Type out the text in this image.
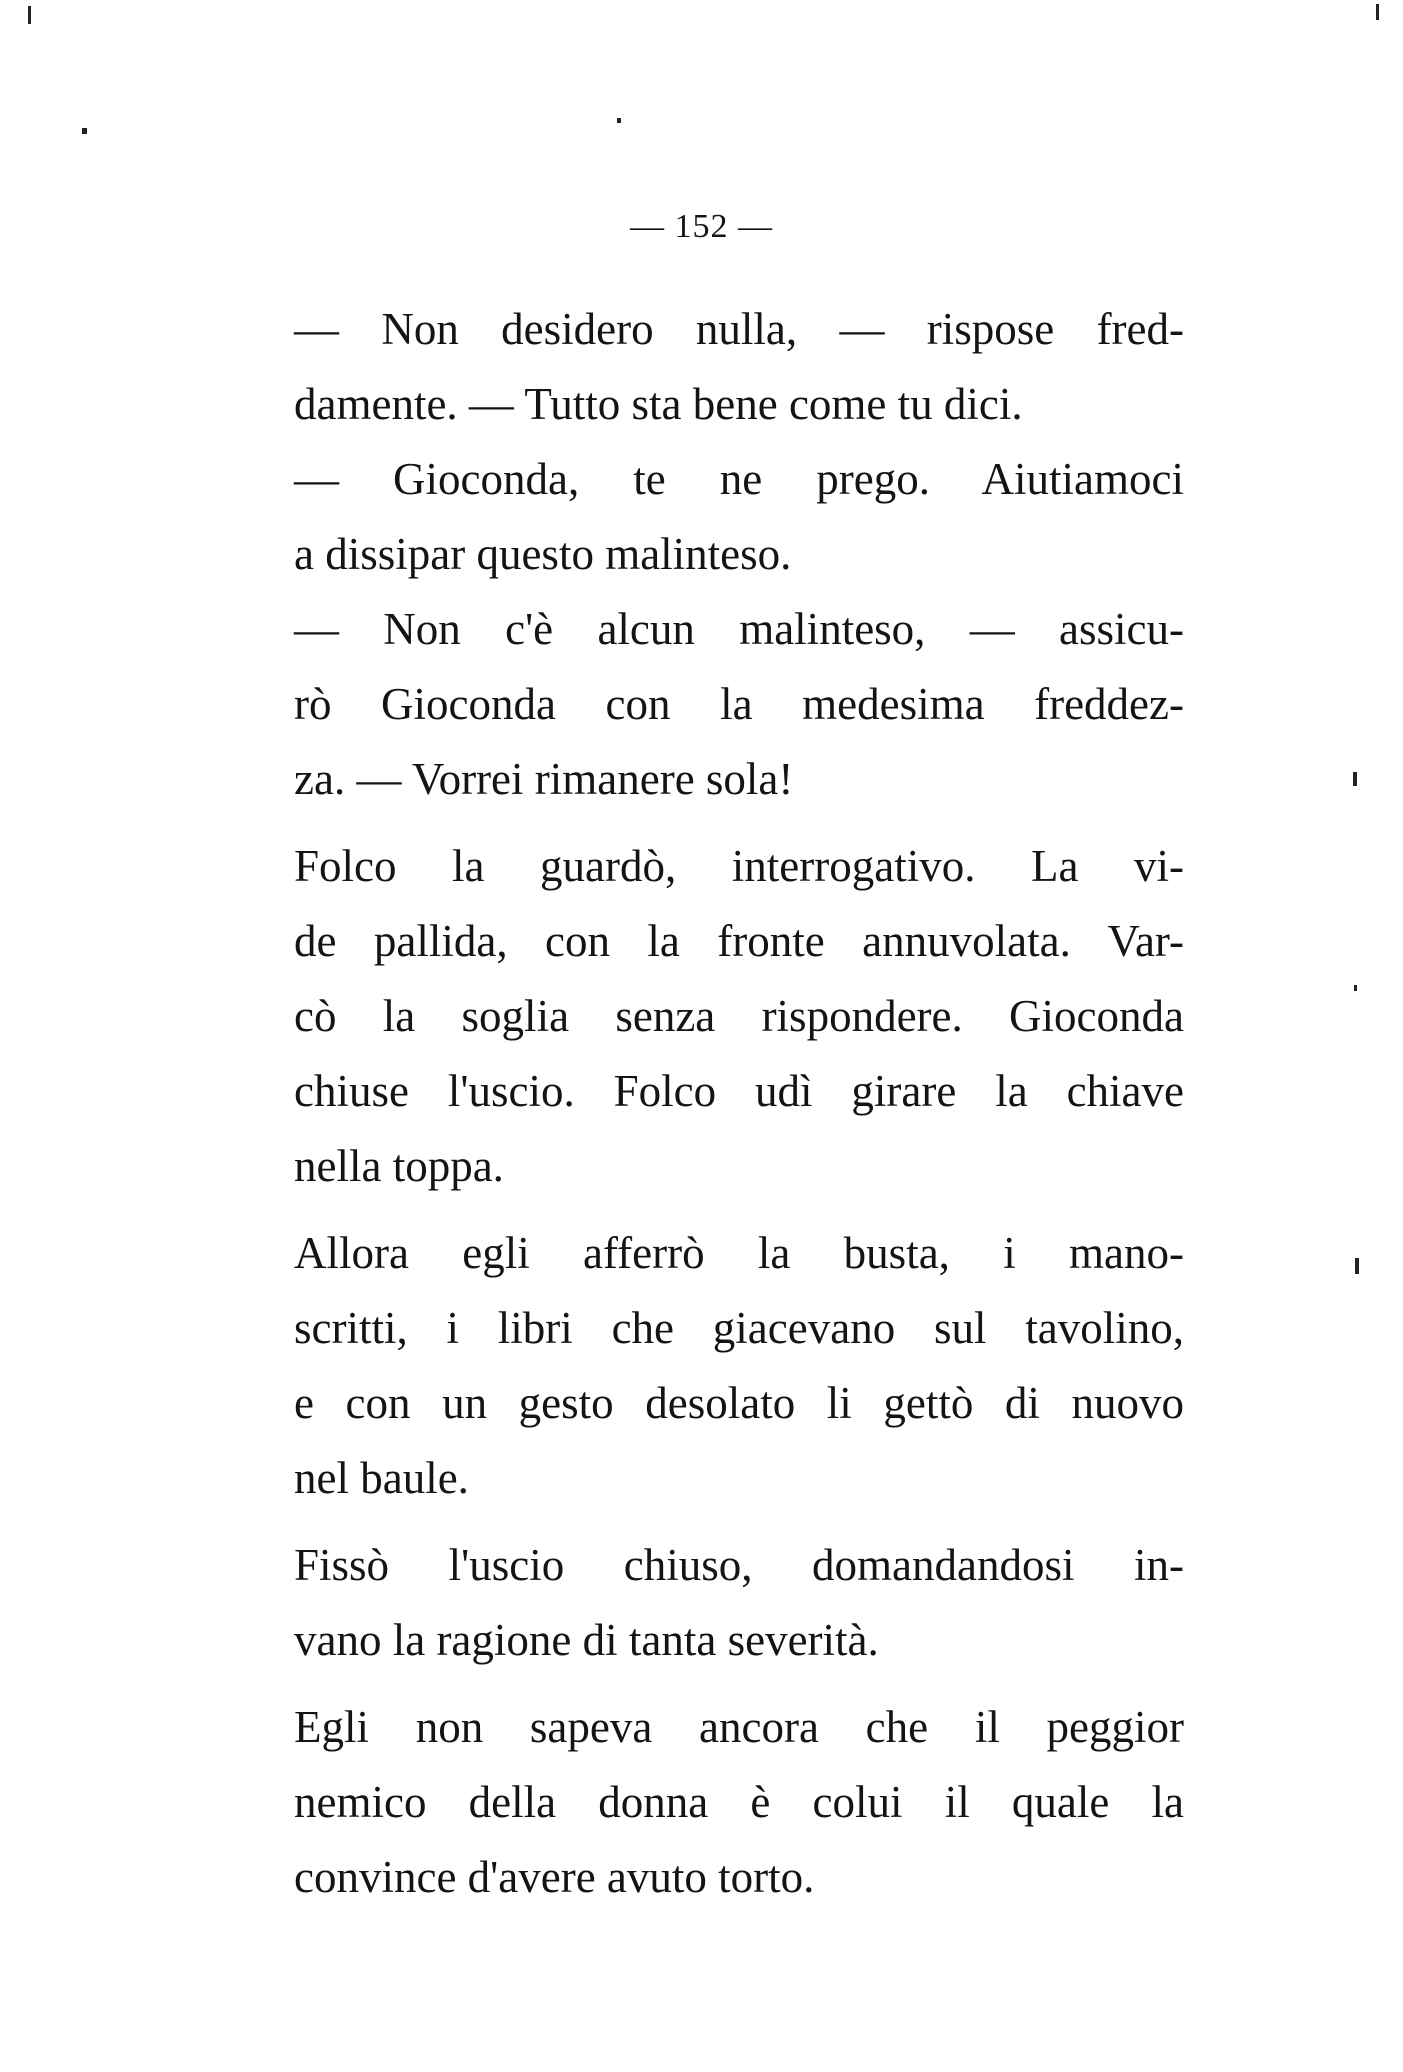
— 152 —
— Non desidero nulla, — rispose fred-
damente. — Tutto sta bene come tu dici.
— Gioconda, te ne prego. Aiutiamoci
a dissipar questo malinteso.
— Non c'è alcun malinteso, — assicu-
rò Gioconda con la medesima freddez-
za. — Vorrei rimanere sola!
Folco la guardò, interrogativo. La vi-
de pallida, con la fronte annuvolata. Var-
cò la soglia senza rispondere. Gioconda
chiuse l'uscio. Folco udì girare la chiave
nella toppa.
Allora egli afferrò la busta, i mano-
scritti, i libri che giacevano sul tavolino,
e con un gesto desolato li gettò di nuovo
nel baule.
Fissò l'uscio chiuso, domandandosi in-
vano la ragione di tanta severità.
Egli non sapeva ancora che il peggior
nemico della donna è colui il quale la
convince d'avere avuto torto.
